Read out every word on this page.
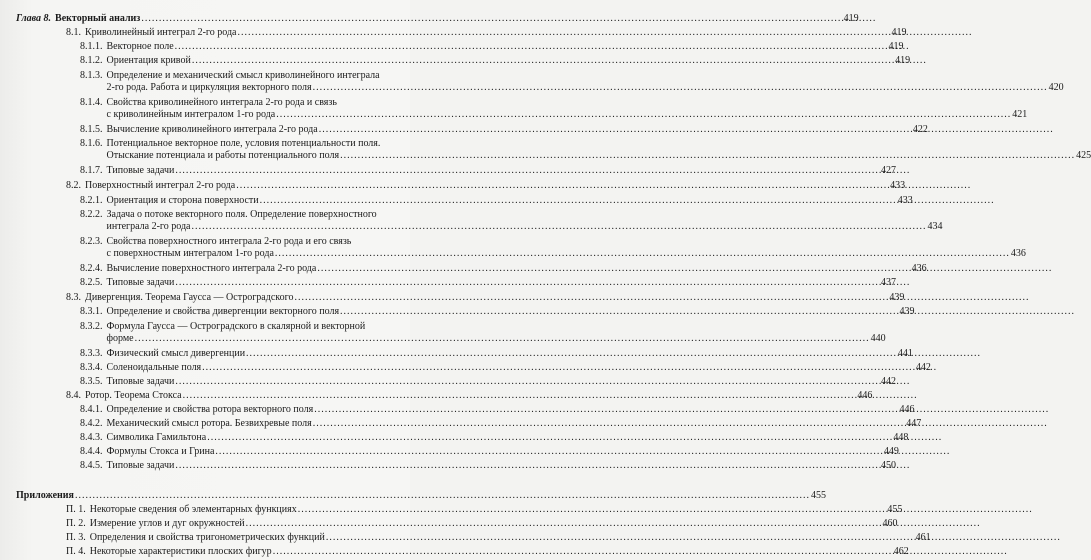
Глава 8. Векторный анализ .....	419
8.1. Криволинейный интеграл 2-го рода .....	419
8.1.1. Векторное поле .....	419
8.1.2. Ориентация кривой .....	419
8.1.3. Определение и механический смысл криволинейного интеграла
2-го рода. Работа и циркуляция векторного поля .....	420
8.1.4. Свойства криволинейного интеграла 2-го рода и связь
с криволинейным интегралом 1-го рода .....	421
8.1.5. Вычисление криволинейного интеграла 2-го рода .....	422
8.1.6. Потенциальное векторное поле, условия потенциальности поля.
Отыскание потенциала и работы потенциального поля .....	425
8.1.7. Типовые задачи .....	427
8.2. Поверхностный интеграл 2-го рода .....	433
8.2.1. Ориентация и сторона поверхности .....	433
8.2.2. Задача о потоке векторного поля. Определение поверхностного
интеграла 2-го рода .....	434
8.2.3. Свойства поверхностного интеграла 2-го рода и его связь
с поверхностным интегралом 1-го рода .....	436
8.2.4. Вычисление поверхностного интеграла 2-го рода .....	436
8.2.5. Типовые задачи .....	437
8.3. Дивергенция. Теорема Гаусса — Остроградского .....	439
8.3.1. Определение и свойства дивергенции векторного поля .....	439
8.3.2. Формула Гаусса — Остроградского в скалярной и векторной
форме .....	440
8.3.3. Физический смысл дивергенции .....	441
8.3.4. Соленоидальные поля .....	442
8.3.5. Типовые задачи .....	442
8.4. Ротор. Теорема Стокса .....	446
8.4.1. Определение и свойства ротора векторного поля .....	446
8.4.2. Механический смысл ротора. Безвихревые поля .....	447
8.4.3. Символика Гамильтона .....	448
8.4.4. Формулы Стокса и Грина .....	449
8.4.5. Типовые задачи .....	450
Приложения .....	455
П. 1. Некоторые сведения об элементарных функциях .....	455
П. 2. Измерение углов и дуг окружностей .....	460
П. 3. Определения и свойства тригонометрических функций .....	461
П. 4. Некоторые характеристики плоских фигур .....	462
